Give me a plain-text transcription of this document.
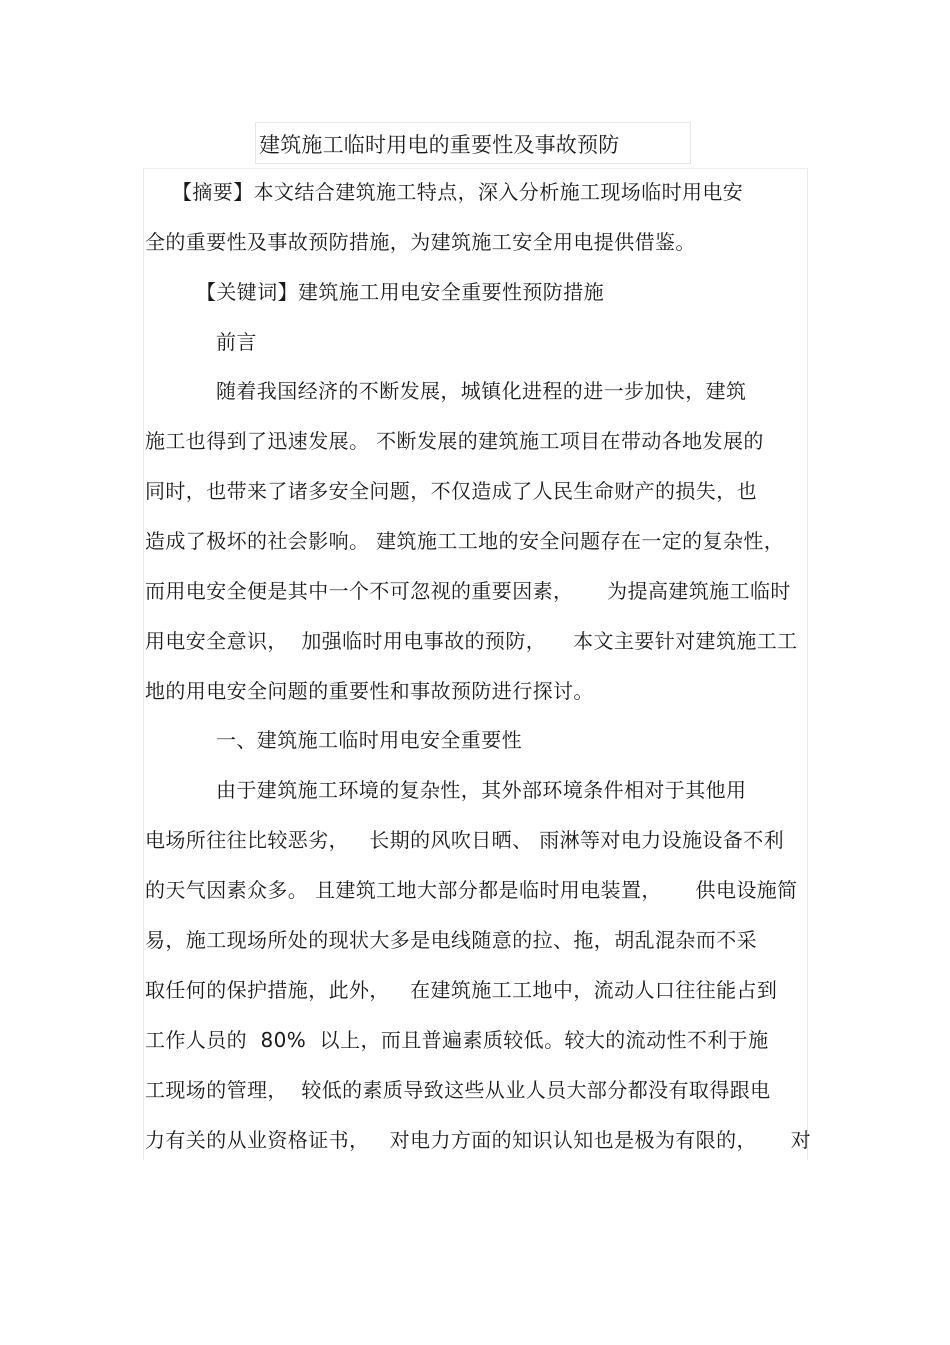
建筑施工临时用电的重要性及事故预防
【摘要】本文结合建筑施工特点，深入分析施工现场临时用电安
全的重要性及事故预防措施，为建筑施工安全用电提供借鉴。
【关键词】建筑施工用电安全重要性预防措施
前言
随着我国经济的不断发展，城镇化进程的进一步加快，建筑
施工也得到了迅速发展。 不断发展的建筑施工项目在带动各地发展的
同时，也带来了诸多安全问题，不仅造成了人民生命财产的损失，也
造成了极坏的社会影响。 建筑施工工地的安全问题存在一定的复杂性，
而用电安全便是其中一个不可忽视的重要因素，     为提高建筑施工临时
用电安全意识，  加强临时用电事故的预防，    本文主要针对建筑施工工
地的用电安全问题的重要性和事故预防进行探讨。
一、建筑施工临时用电安全重要性
由于建筑施工环境的复杂性，其外部环境条件相对于其他用
电场所往往比较恶劣，   长期的风吹日晒、 雨淋等对电力设施设备不利
的天气因素众多。 且建筑工地大部分都是临时用电装置，     供电设施简
易，施工现场所处的现状大多是电线随意的拉、拖，胡乱混杂而不采
取任何的保护措施，此外，   在建筑施工工地中，流动人口往往能占到
工作人员的  80%  以上，而且普遍素质较低。较大的流动性不利于施
工现场的管理，  较低的素质导致这些从业人员大部分都没有取得跟电
力有关的从业资格证书，   对电力方面的知识认知也是极为有限的，     对
